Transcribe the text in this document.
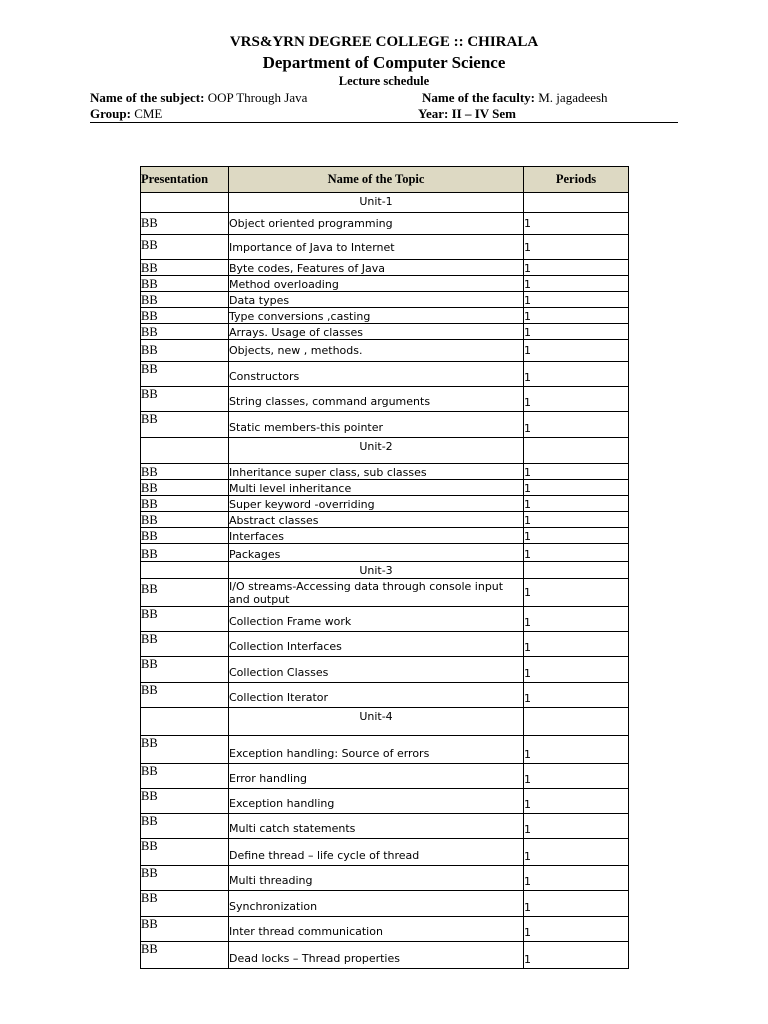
VRS&YRN DEGREE COLLEGE :: CHIRALA
Department of Computer Science
Lecture schedule
Name of the subject: OOP Through Java	Name of the faculty: M. jagadeesh
Group: CME	Year: II – IV Sem
Presentation	Name of the Topic	Periods
	Unit-1	
BB	Object oriented programming	1
BB	Importance of Java to Internet	1
BB	Byte codes, Features of Java	1
BB	Method overloading	1
BB	Data types	1
BB	Type conversions ,casting	1
BB	Arrays. Usage of classes	1
BB	Objects, new , methods.	1
BB	Constructors	1
BB	String classes, command arguments	1
BB	Static members-this pointer	1
	Unit-2	
BB	Inheritance super class, sub classes	1
BB	Multi level inheritance	1
BB	Super keyword -overriding	1
BB	Abstract classes	1
BB	Interfaces	1
BB	Packages	1
	Unit-3	
BB	I/O streams-Accessing data through console input and output	1
BB	Collection Frame work	1
BB	Collection Interfaces	1
BB	Collection Classes	1
BB	Collection Iterator	1
	Unit-4	
BB	Exception handling: Source of errors	1
BB	Error handling	1
BB	Exception handling	1
BB	Multi catch statements	1
BB	Define thread – life cycle of thread	1
BB	Multi threading	1
BB	Synchronization	1
BB	Inter thread communication	1
BB	Dead locks – Thread properties	1
